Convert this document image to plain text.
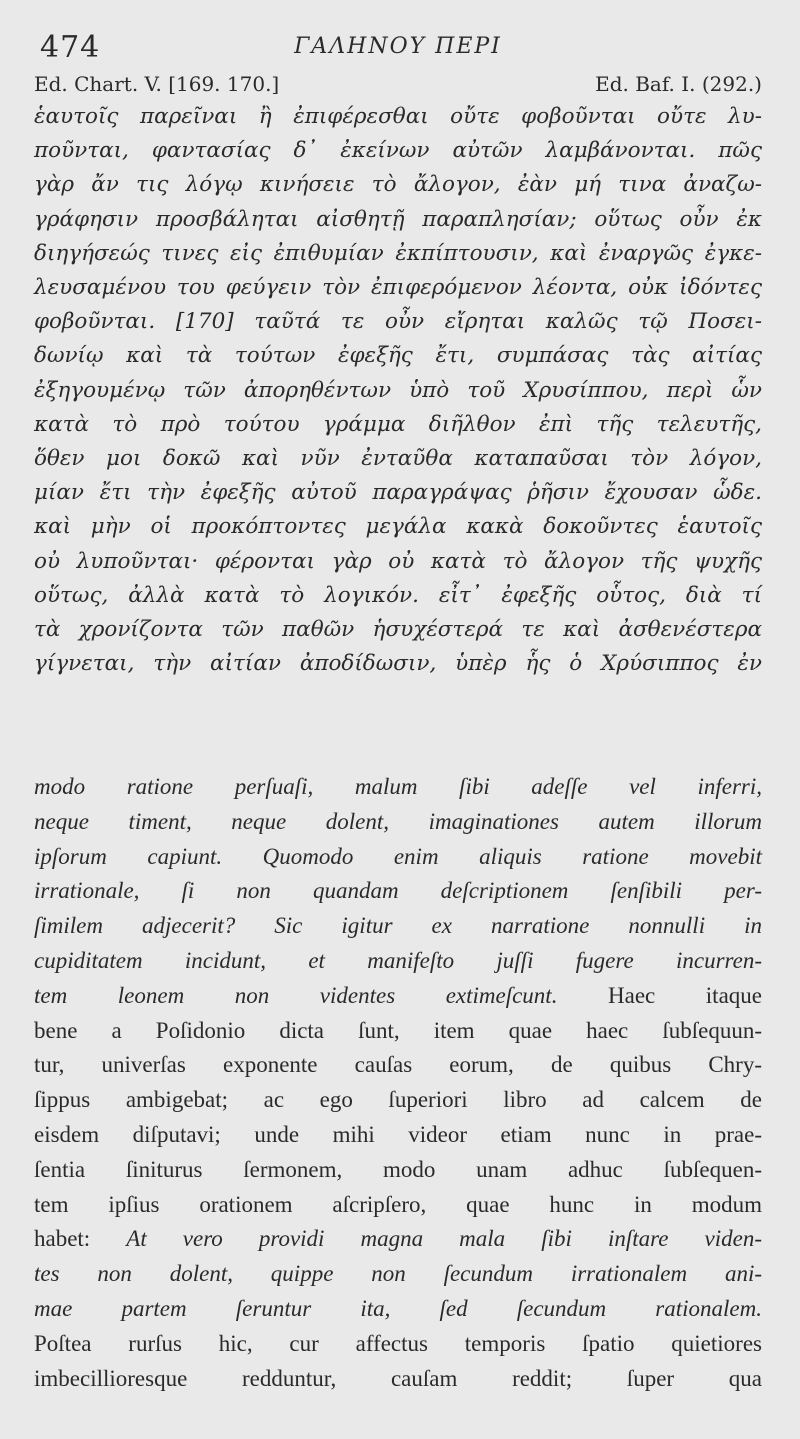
474	ΓΑΛΗΝΟΥ ΠΕΡΙ
Ed. Chart. V. [169. 170.]	Ed. Baf. I. (292.)
ἑαυτοῖς παρεῖναι ἢ ἐπιφέρεσθαι οὔτε φοβοῦνται οὔτε λυ-
ποῦνται, φαντασίας δ᾽ ἐκείνων αὐτῶν λαμβάνονται. πῶς
γὰρ ἄν τις λόγῳ κινήσειε τὸ ἄλογον, ἐὰν μή τινα ἀναζω-
γράφησιν προσβάληται αἰσθητῇ παραπλησίαν; οὕτως οὖν ἐκ
διηγήσεώς τινες εἰς ἐπιθυμίαν ἐκπίπτουσιν, καὶ ἐναργῶς ἐγκε-
λευσαμένου του φεύγειν τὸν ἐπιφερόμενον λέοντα, οὐκ ἰδόντες
φοβοῦνται. [170] ταῦτά τε οὖν εἴρηται καλῶς τῷ Ποσει-
δωνίῳ καὶ τὰ τούτων ἐφεξῆς ἔτι, συμπάσας τὰς αἰτίας
ἐξηγουμένῳ τῶν ἀπορηθέντων ὑπὸ τοῦ Χρυσίππου, περὶ ὧν
κατὰ τὸ πρὸ τούτου γράμμα διῆλθον ἐπὶ τῆς τελευτῆς,
ὅθεν μοι δοκῶ καὶ νῦν ἐνταῦθα καταπαῦσαι τὸν λόγον,
μίαν ἔτι τὴν ἐφεξῆς αὐτοῦ παραγράψας ῥῆσιν ἔχουσαν ὧδε.
καὶ μὴν οἱ προκόπτοντες μεγάλα κακὰ δοκοῦντες ἑαυτοῖς
οὐ λυποῦνται· φέρονται γὰρ οὐ κατὰ τὸ ἄλογον τῆς ψυχῆς
οὕτως, ἀλλὰ κατὰ τὸ λογικόν. εἶτ᾽ ἐφεξῆς οὗτος, διὰ τί
τὰ χρονίζοντα τῶν παθῶν ἡσυχέστερά τε καὶ ἀσθενέστερα
γίγνεται, τὴν αἰτίαν ἀποδίδωσιν, ὑπὲρ ἧς ὁ Χρύσιππος ἐν
modo ratione perſuaſi, malum ſibi adeſſe vel inferri,
neque timent, neque dolent, imaginationes autem illorum
ipſorum capiunt. Quomodo enim aliquis ratione movebit
irrationale, ſi non quandam deſcriptionem ſenſibili per-
ſimilem adjecerit? Sic igitur ex narratione nonnulli in
cupiditatem incidunt, et manifeſto juſſi fugere incurren-
tem leonem non videntes extimeſcunt. Haec itaque
bene a Poſidonio dicta ſunt, item quae haec ſubſequun-
tur, univerſas exponente cauſas eorum, de quibus Chry-
ſippus ambigebat; ac ego ſuperiori libro ad calcem de
eisdem diſputavi; unde mihi videor etiam nunc in prae-
ſentia ſiniturus ſermonem, modo unam adhuc ſubſequen-
tem ipſius orationem aſcripſero, quae hunc in modum
habet: At vero providi magna mala ſibi inſtare viden-
tes non dolent, quippe non ſecundum irrationalem ani-
mae partem ſeruntur ita, ſed ſecundum rationalem.
Poſtea rurſus hic, cur affectus temporis ſpatio quietiores
imbecillioresque redduntur, cauſam reddit; ſuper qua
